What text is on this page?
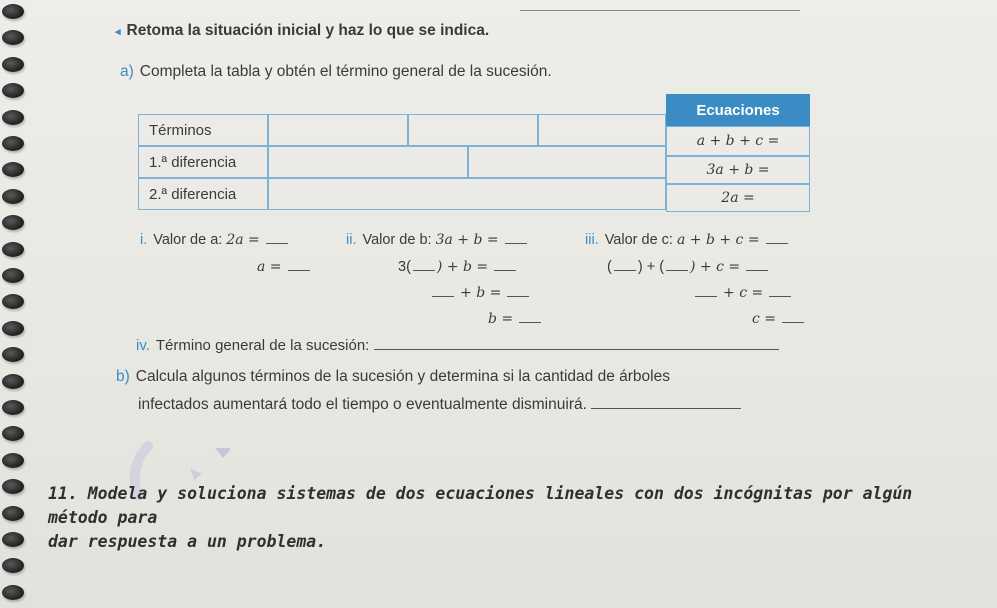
◂ Retoma la situación inicial y haz lo que se indica.
a) Completa la tabla y obtén el término general de la sucesión.
Ecuaciones
Términos
a + b + c =
1.ª diferencia	3a + b =
2.ª diferencia	2a =
i. Valor de a: 2a =
a =
ii. Valor de b: 3a + b =
3( ) + b =
+ b =
b =
iii. Valor de c: a + b + c =
( ) + ( ) + c =
+ c =
c =
iv. Término general de la sucesión:
b) Calcula algunos términos de la sucesión y determina si la cantidad de árboles
infectados aumentará todo el tiempo o eventualmente disminuirá.
11. Modela y soluciona sistemas de dos ecuaciones lineales con dos incógnitas por algún método para
dar respuesta a un problema.
